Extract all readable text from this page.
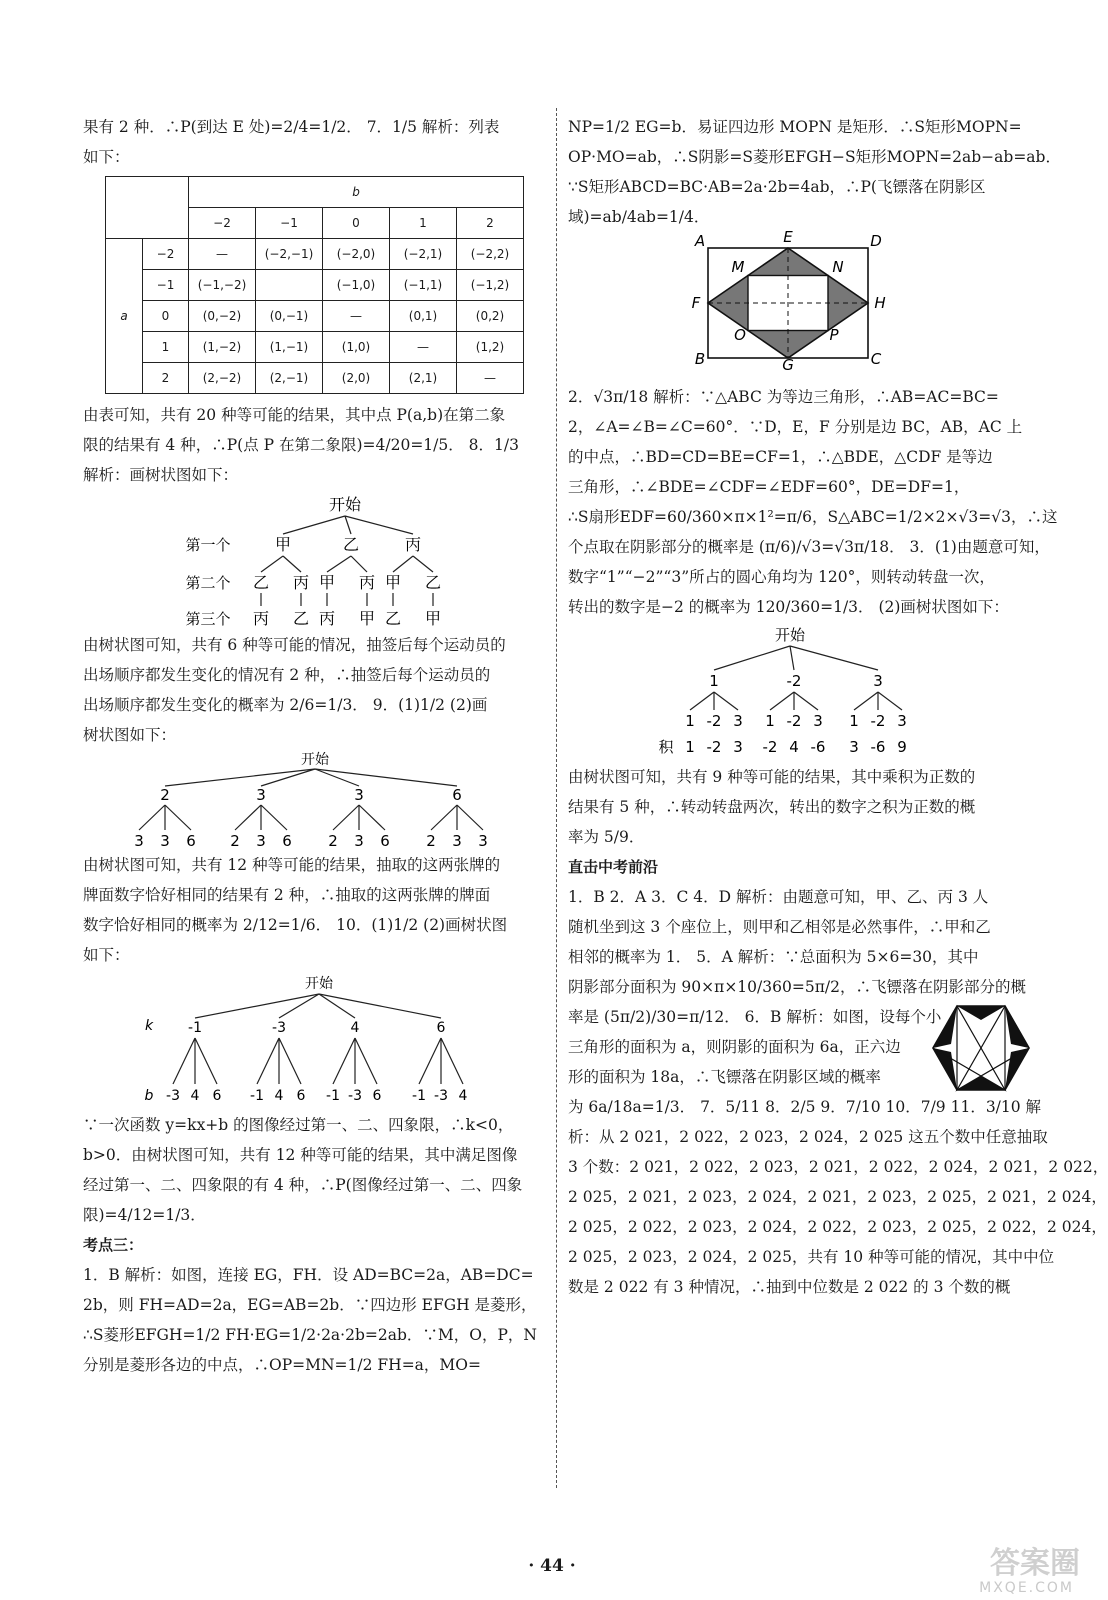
果有 2 种．∴P(到达 E 处)=2/4=1/2． 7．1/5 解析：列表

如下：

		b				
		−2	−1	0	1	2
a	−2	—	(−2,−1)	(−2,0)	(−2,1)	(−2,2)
	−1	(−1,−2)		(−1,0)	(−1,1)	(−1,2)
	0	(0,−2)	(0,−1)	—	(0,1)	(0,2)
	1	(1,−2)	(1,−1)	(1,0)	—	(1,2)
	2	(2,−2)	(2,−1)	(2,0)	(2,1)	—

由表可知，共有 20 种等可能的结果，其中点 P(a,b)在第二象

限的结果有 4 种，∴P(点 P 在第二象限)=4/20=1/5． 8．1/3

解析：画树状图如下：

开始
甲	乙	丙
第一个
第二个
第三个
乙
丙
丙
乙
甲
丙
丙
甲
甲
乙
乙
甲

由树状图可知，共有 6 种等可能的情况，抽签后每个运动员的

出场顺序都发生变化的情况有 2 种，∴抽签后每个运动员的

出场顺序都发生变化的概率为 2/6=1/3． 9．(1)1/2 (2)画

树状图如下：

开始
2
3 3 6
3
2 3 6
3
2 3 6
6
2 3 3

由树状图可知，共有 12 种等可能的结果，抽取的这两张牌的

牌面数字恰好相同的结果有 2 种，∴抽取的这两张牌的牌面

数字恰好相同的概率为 2/12=1/6． 10．(1)1/2 (2)画树状图

如下：

开始
k
b
-1
-3 4 6
-3
-1 4 6
4
-1 -3 6
6
-1 -3 4

∵一次函数 y=kx+b 的图像经过第一、二、四象限，∴k<0，

b>0．由树状图可知，共有 12 种等可能的结果，其中满足图像

经过第一、二、四象限的有 4 种，∴P(图像经过第一、二、四象

限)=4/12=1/3．

考点三：

1．B 解析：如图，连接 EG，FH．设 AD=BC=2a，AB=DC=

2b，则 FH=AD=2a，EG=AB=2b．∵四边形 EFGH 是菱形，

∴S菱形EFGH=1/2 FH·EG=1/2·2a·2b=2ab．∵M，O，P，N

分别是菱形各边的中点，∴OP=MN=1/2 FH=a，MO=

NP=1/2 EG=b．易证四边形 MOPN 是矩形．∴S矩形MOPN=

OP·MO=ab，∴S阴影=S菱形EFGH−S矩形MOPN=2ab−ab=ab．

∵S矩形ABCD=BC·AB=2a·2b=4ab，∴P(飞镖落在阴影区

域)=ab/4ab=1/4．

A	E	D
M	N
F	H
O	P
B	G	C

2．√3π/18 解析：∵△ABC 为等边三角形，∴AB=AC=BC=

2，∠A=∠B=∠C=60°．∵D，E，F 分别是边 BC，AB，AC 上

的中点，∴BD=CD=BE=CF=1，∴△BDE，△CDF 是等边

三角形，∴∠BDE=∠CDF=∠EDF=60°，DE=DF=1，

∴S扇形EDF=60/360×π×1²=π/6，S△ABC=1/2×2×√3=√3，∴这

个点取在阴影部分的概率是 (π/6)/√3=√3π/18． 3．(1)由题意可知，

数字“1”“−2”“3”所占的圆心角均为 120°，则转动转盘一次，

转出的数字是−2 的概率为 120/360=1/3． (2)画树状图如下：

开始
1
1
1
-2
-2
3
3
-2
1
-2
-2
4
3
-6
3
1
3
-2
-6
3
9
积

由树状图可知，共有 9 种等可能的结果，其中乘积为正数的

结果有 5 种，∴转动转盘两次，转出的数字之积为正数的概

率为 5/9．

直击中考前沿

1．B 2．A 3．C 4．D 解析：由题意可知，甲、乙、丙 3 人

随机坐到这 3 个座位上，则甲和乙相邻是必然事件，∴甲和乙

相邻的概率为 1． 5．A 解析：∵总面积为 5×6=30，其中

阴影部分面积为 90×π×10/360=5π/2，∴飞镖落在阴影部分的概

率是 (5π/2)/30=π/12． 6．B 解析：如图，设每个小

三角形的面积为 a，则阴影的面积为 6a，正六边

形的面积为 18a，∴飞镖落在阴影区域的概率

为 6a/18a=1/3． 7．5/11 8．2/5 9．7/10 10．7/9 11．3/10 解

析：从 2 021，2 022，2 023，2 024，2 025 这五个数中任意抽取

3 个数：2 021，2 022，2 023，2 021，2 022，2 024，2 021，2 022，

2 025，2 021，2 023，2 024，2 021，2 023，2 025，2 021，2 024，

2 025，2 022，2 023，2 024，2 022，2 023，2 025，2 022，2 024，

2 025，2 023，2 024，2 025，共有 10 种等可能的情况，其中中位

数是 2 022 有 3 种情况，∴抽到中位数是 2 022 的 3 个数的概

· 44 ·	答案圈
MXQE.COM
